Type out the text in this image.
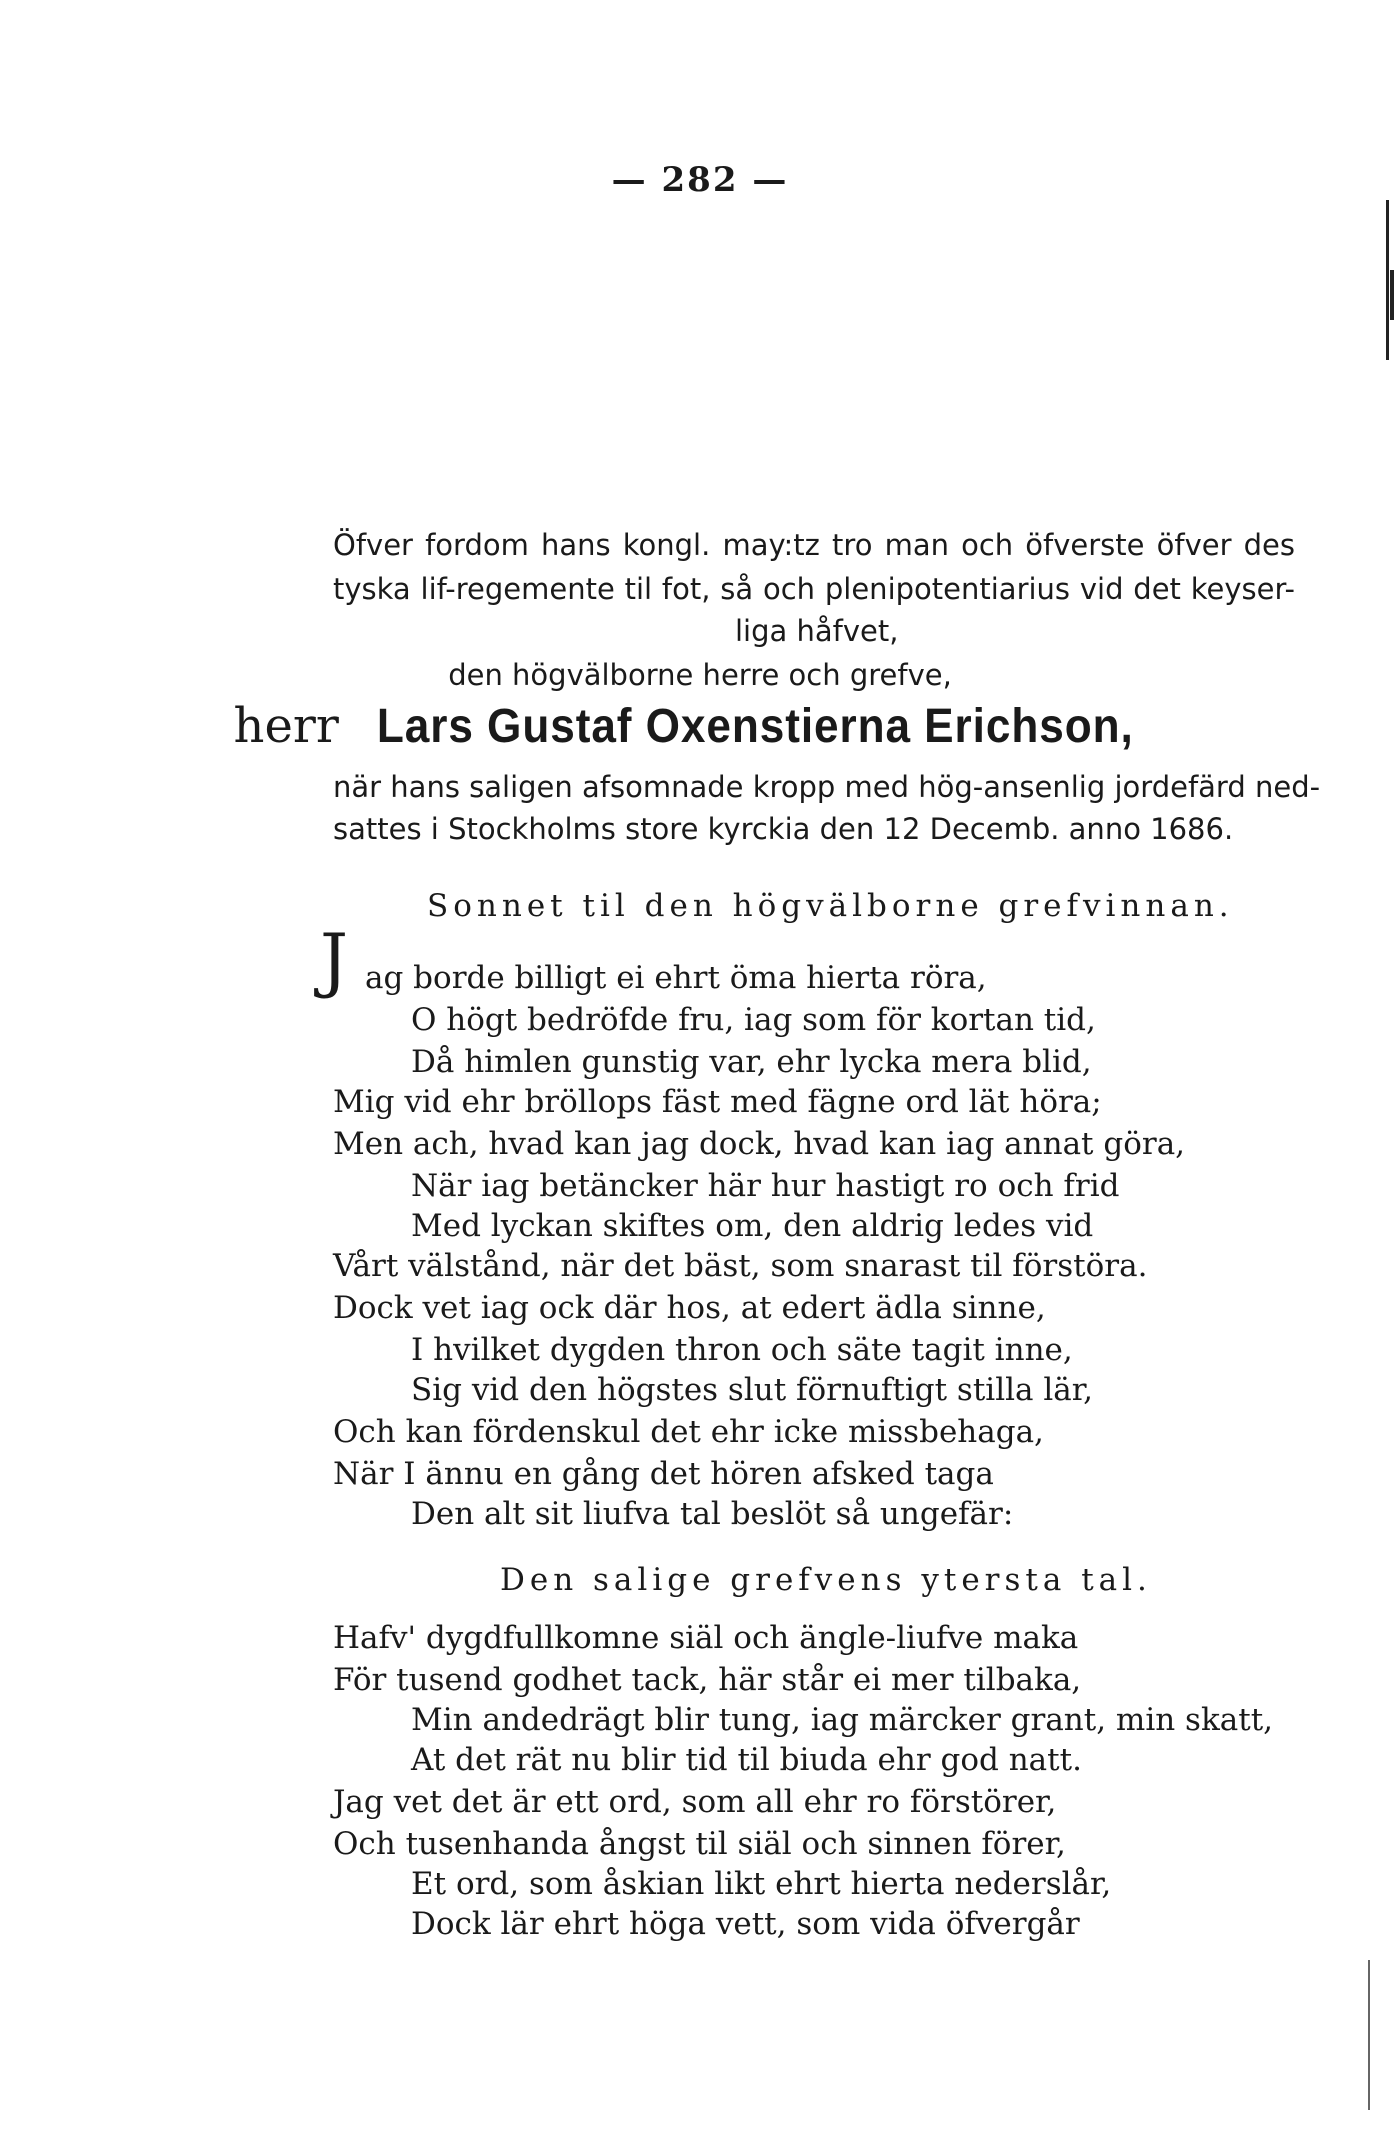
— 282 —
Öfver fordom hans kongl. may:tz tro man och öfverste öfver des
tyska lif-regemente til fot, så och plenipotentiarius vid det keyser-
liga håfvet,
den högvälborne herre och grefve,
herr Lars Gustaf Oxenstierna Erichson,
när hans saligen afsomnade kropp med hög-ansenlig jordefärd ned-
sattes i Stockholms store kyrckia den 12 Decemb. anno 1686.
Sonnet til den högvälborne grefvinnan.
J ag borde billigt ei ehrt öma hierta röra,
O högt bedröfde fru, iag som för kortan tid,
Då himlen gunstig var, ehr lycka mera blid,
Mig vid ehr bröllops fäst med fägne ord lät höra;
Men ach, hvad kan jag dock, hvad kan iag annat göra,
När iag betäncker här hur hastigt ro och frid
Med lyckan skiftes om, den aldrig ledes vid
Vårt välstånd, när det bäst, som snarast til förstöra.
Dock vet iag ock där hos, at edert ädla sinne,
I hvilket dygden thron och säte tagit inne,
Sig vid den högstes slut förnuftigt stilla lär,
Och kan fördenskul det ehr icke missbehaga,
När I ännu en gång det hören afsked taga
Den alt sit liufva tal beslöt så ungefär:
Den salige grefvens ytersta tal.
Hafv' dygdfullkomne siäl och ängle-liufve maka
För tusend godhet tack, här står ei mer tilbaka,
Min andedrägt blir tung, iag märcker grant, min skatt,
At det rät nu blir tid til biuda ehr god natt.
Jag vet det är ett ord, som all ehr ro förstörer,
Och tusenhanda ångst til siäl och sinnen förer,
Et ord, som åskian likt ehrt hierta nederslår,
Dock lär ehrt höga vett, som vida öfvergår
